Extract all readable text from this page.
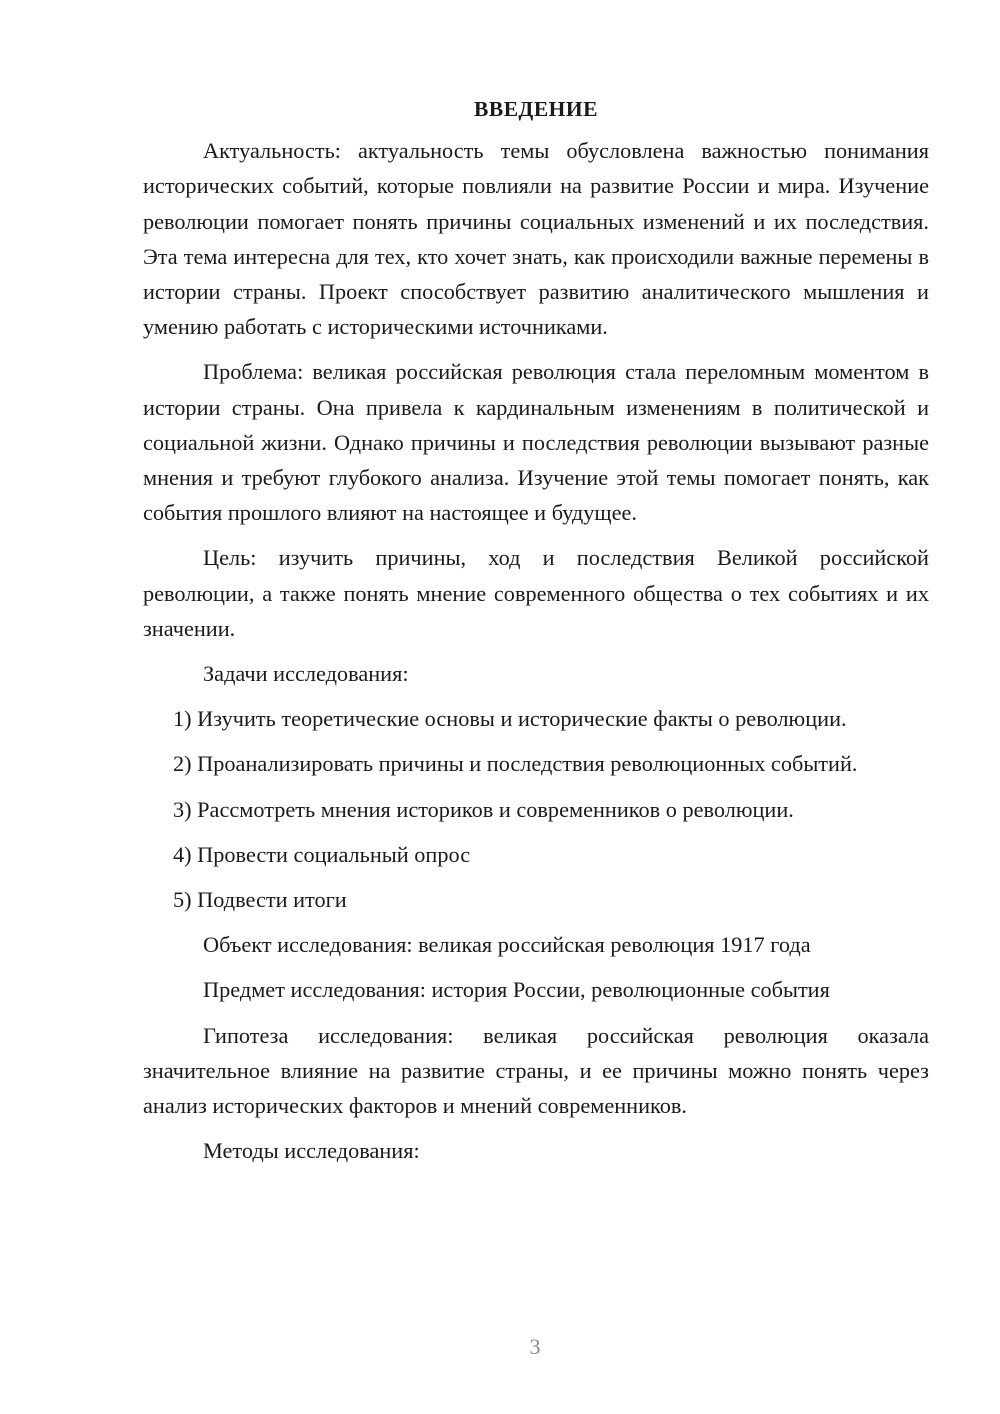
ВВЕДЕНИЕ

Актуальность: актуальность темы обусловлена важностью понимания исторических событий, которые повлияли на развитие России и мира. Изучение революции помогает понять причины социальных изменений и их последствия. Эта тема интересна для тех, кто хочет знать, как происходили важные перемены в истории страны. Проект способствует развитию аналитического мышления и умению работать с историческими источниками.

Проблема: великая российская революция стала переломным моментом в истории страны. Она привела к кардинальным изменениям в политической и социальной жизни. Однако причины и последствия революции вызывают разные мнения и требуют глубокого анализа. Изучение этой темы помогает понять, как события прошлого влияют на настоящее и будущее.

Цель: изучить причины, ход и последствия Великой российской революции, а также понять мнение современного общества о тех событиях и их значении.

Задачи исследования:

1) Изучить теоретические основы и исторические факты о революции.

2) Проанализировать причины и последствия революционных событий.

3) Рассмотреть мнения историков и современников о революции.

4) Провести социальный опрос

5) Подвести итоги

Объект исследования: великая российская революция 1917 года

Предмет исследования: история России, революционные события

Гипотеза исследования: великая российская революция оказала значительное влияние на развитие страны, и ее причины можно понять через анализ исторических факторов и мнений современников.

Методы исследования:

3
